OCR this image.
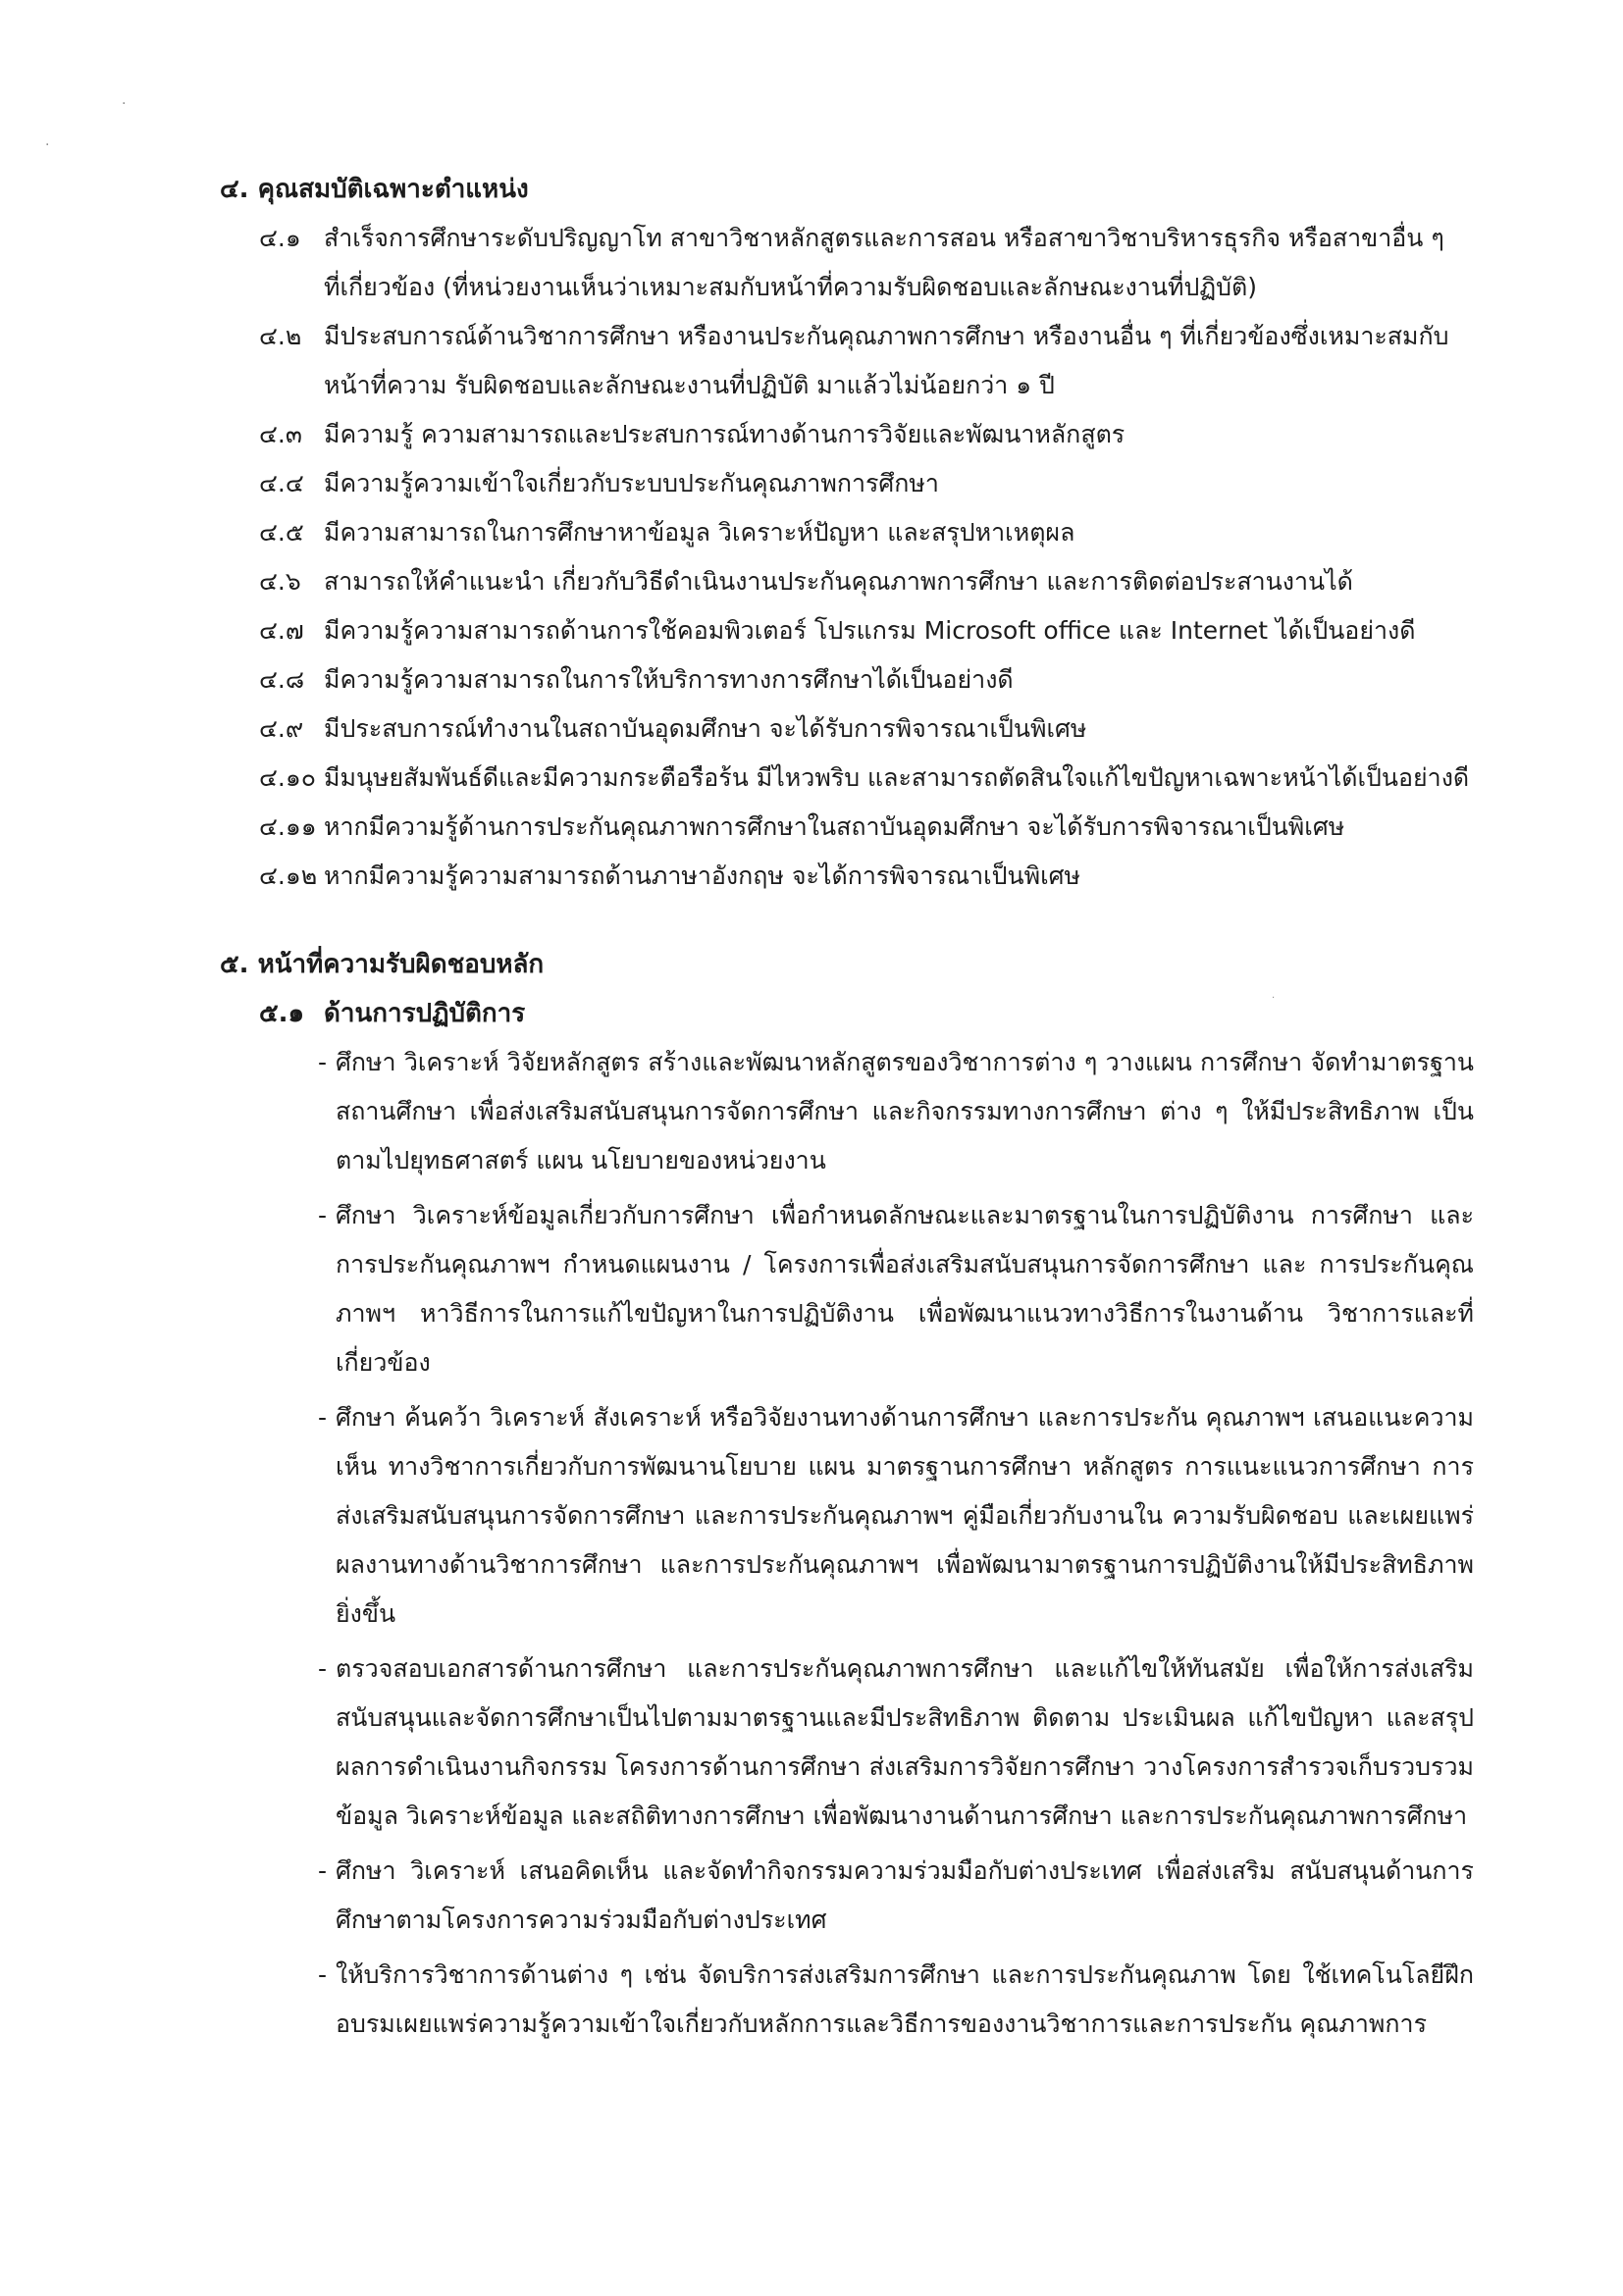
·
·
·
๔. คุณสมบัติเฉพาะตำแหน่ง
๔.๑ สำเร็จการศึกษาระดับปริญญาโท สาขาวิชาหลักสูตรและการสอน หรือสาขาวิชาบริหารธุรกิจ หรือสาขาอื่น ๆ
ที่เกี่ยวข้อง (ที่หน่วยงานเห็นว่าเหมาะสมกับหน้าที่ความรับผิดชอบและลักษณะงานที่ปฏิบัติ)
๔.๒ มีประสบการณ์ด้านวิชาการศึกษา หรืองานประกันคุณภาพการศึกษา หรืองานอื่น ๆ ที่เกี่ยวข้องซึ่งเหมาะสมกับ
หน้าที่ความ รับผิดชอบและลักษณะงานที่ปฏิบัติ มาแล้วไม่น้อยกว่า ๑ ปี
๔.๓ มีความรู้ ความสามารถและประสบการณ์ทางด้านการวิจัยและพัฒนาหลักสูตร
๔.๔ มีความรู้ความเข้าใจเกี่ยวกับระบบประกันคุณภาพการศึกษา
๔.๕ มีความสามารถในการศึกษาหาข้อมูล วิเคราะห์ปัญหา และสรุปหาเหตุผล
๔.๖ สามารถให้คำแนะนำ เกี่ยวกับวิธีดำเนินงานประกันคุณภาพการศึกษา และการติดต่อประสานงานได้
๔.๗ มีความรู้ความสามารถด้านการใช้คอมพิวเตอร์ โปรแกรม Microsoft office และ Internet ได้เป็นอย่างดี
๔.๘ มีความรู้ความสามารถในการให้บริการทางการศึกษาได้เป็นอย่างดี
๔.๙ มีประสบการณ์ทำงานในสถาบันอุดมศึกษา จะได้รับการพิจารณาเป็นพิเศษ
๔.๑๐ มีมนุษยสัมพันธ์ดีและมีความกระตือรือร้น มีไหวพริบ และสามารถตัดสินใจแก้ไขปัญหาเฉพาะหน้าได้เป็นอย่างดี
๔.๑๑ หากมีความรู้ด้านการประกันคุณภาพการศึกษาในสถาบันอุดมศึกษา จะได้รับการพิจารณาเป็นพิเศษ
๔.๑๒ หากมีความรู้ความสามารถด้านภาษาอังกฤษ จะได้การพิจารณาเป็นพิเศษ
๕. หน้าที่ความรับผิดชอบหลัก
๕.๑ ด้านการปฏิบัติการ
- ศึกษา วิเคราะห์ วิจัยหลักสูตร สร้างและพัฒนาหลักสูตรของวิชาการต่าง ๆ วางแผน การศึกษา จัดทำมาตรฐานสถานศึกษา เพื่อส่งเสริมสนับสนุนการจัดการศึกษา และกิจกรรมทางการศึกษา ต่าง ๆ ให้มีประสิทธิภาพ เป็นตามไปยุทธศาสตร์ แผน นโยบายของหน่วยงาน
- ศึกษา วิเคราะห์ข้อมูลเกี่ยวกับการศึกษา เพื่อกำหนดลักษณะและมาตรฐานในการปฏิบัติงาน การศึกษา และการประกันคุณภาพฯ กำหนดแผนงาน / โครงการเพื่อส่งเสริมสนับสนุนการจัดการศึกษา และ การประกันคุณภาพฯ หาวิธีการในการแก้ไขปัญหาในการปฏิบัติงาน เพื่อพัฒนาแนวทางวิธีการในงานด้าน วิชาการและที่เกี่ยวข้อง
- ศึกษา ค้นคว้า วิเคราะห์ สังเคราะห์ หรือวิจัยงานทางด้านการศึกษา และการประกัน คุณภาพฯ เสนอแนะความเห็น ทางวิชาการเกี่ยวกับการพัฒนานโยบาย แผน มาตรฐานการศึกษา หลักสูตร การแนะแนวการศึกษา การส่งเสริมสนับสนุนการจัดการศึกษา และการประกันคุณภาพฯ คู่มือเกี่ยวกับงานใน ความรับผิดชอบ และเผยแพร่ผลงานทางด้านวิชาการศึกษา และการประกันคุณภาพฯ เพื่อพัฒนามาตรฐานการปฏิบัติงานให้มีประสิทธิภาพยิ่งขึ้น
- ตรวจสอบเอกสารด้านการศึกษา และการประกันคุณภาพการศึกษา และแก้ไขให้ทันสมัย เพื่อให้การส่งเสริมสนับสนุนและจัดการศึกษาเป็นไปตามมาตรฐานและมีประสิทธิภาพ ติดตาม ประเมินผล แก้ไขปัญหา และสรุปผลการดำเนินงานกิจกรรม โครงการด้านการศึกษา ส่งเสริมการวิจัยการศึกษา วางโครงการสำรวจเก็บรวบรวมข้อมูล วิเคราะห์ข้อมูล และสถิติทางการศึกษา เพื่อพัฒนางานด้านการศึกษา และการประกันคุณภาพการศึกษา
- ศึกษา วิเคราะห์ เสนอคิดเห็น และจัดทำกิจกรรมความร่วมมือกับต่างประเทศ เพื่อส่งเสริม สนับสนุนด้านการศึกษาตามโครงการความร่วมมือกับต่างประเทศ
- ให้บริการวิชาการด้านต่าง ๆ เช่น จัดบริการส่งเสริมการศึกษา และการประกันคุณภาพ โดย ใช้เทคโนโลยีฝึกอบรมเผยแพร่ความรู้ความเข้าใจเกี่ยวกับหลักการและวิธีการของงานวิชาการและการประกัน คุณภาพการ
